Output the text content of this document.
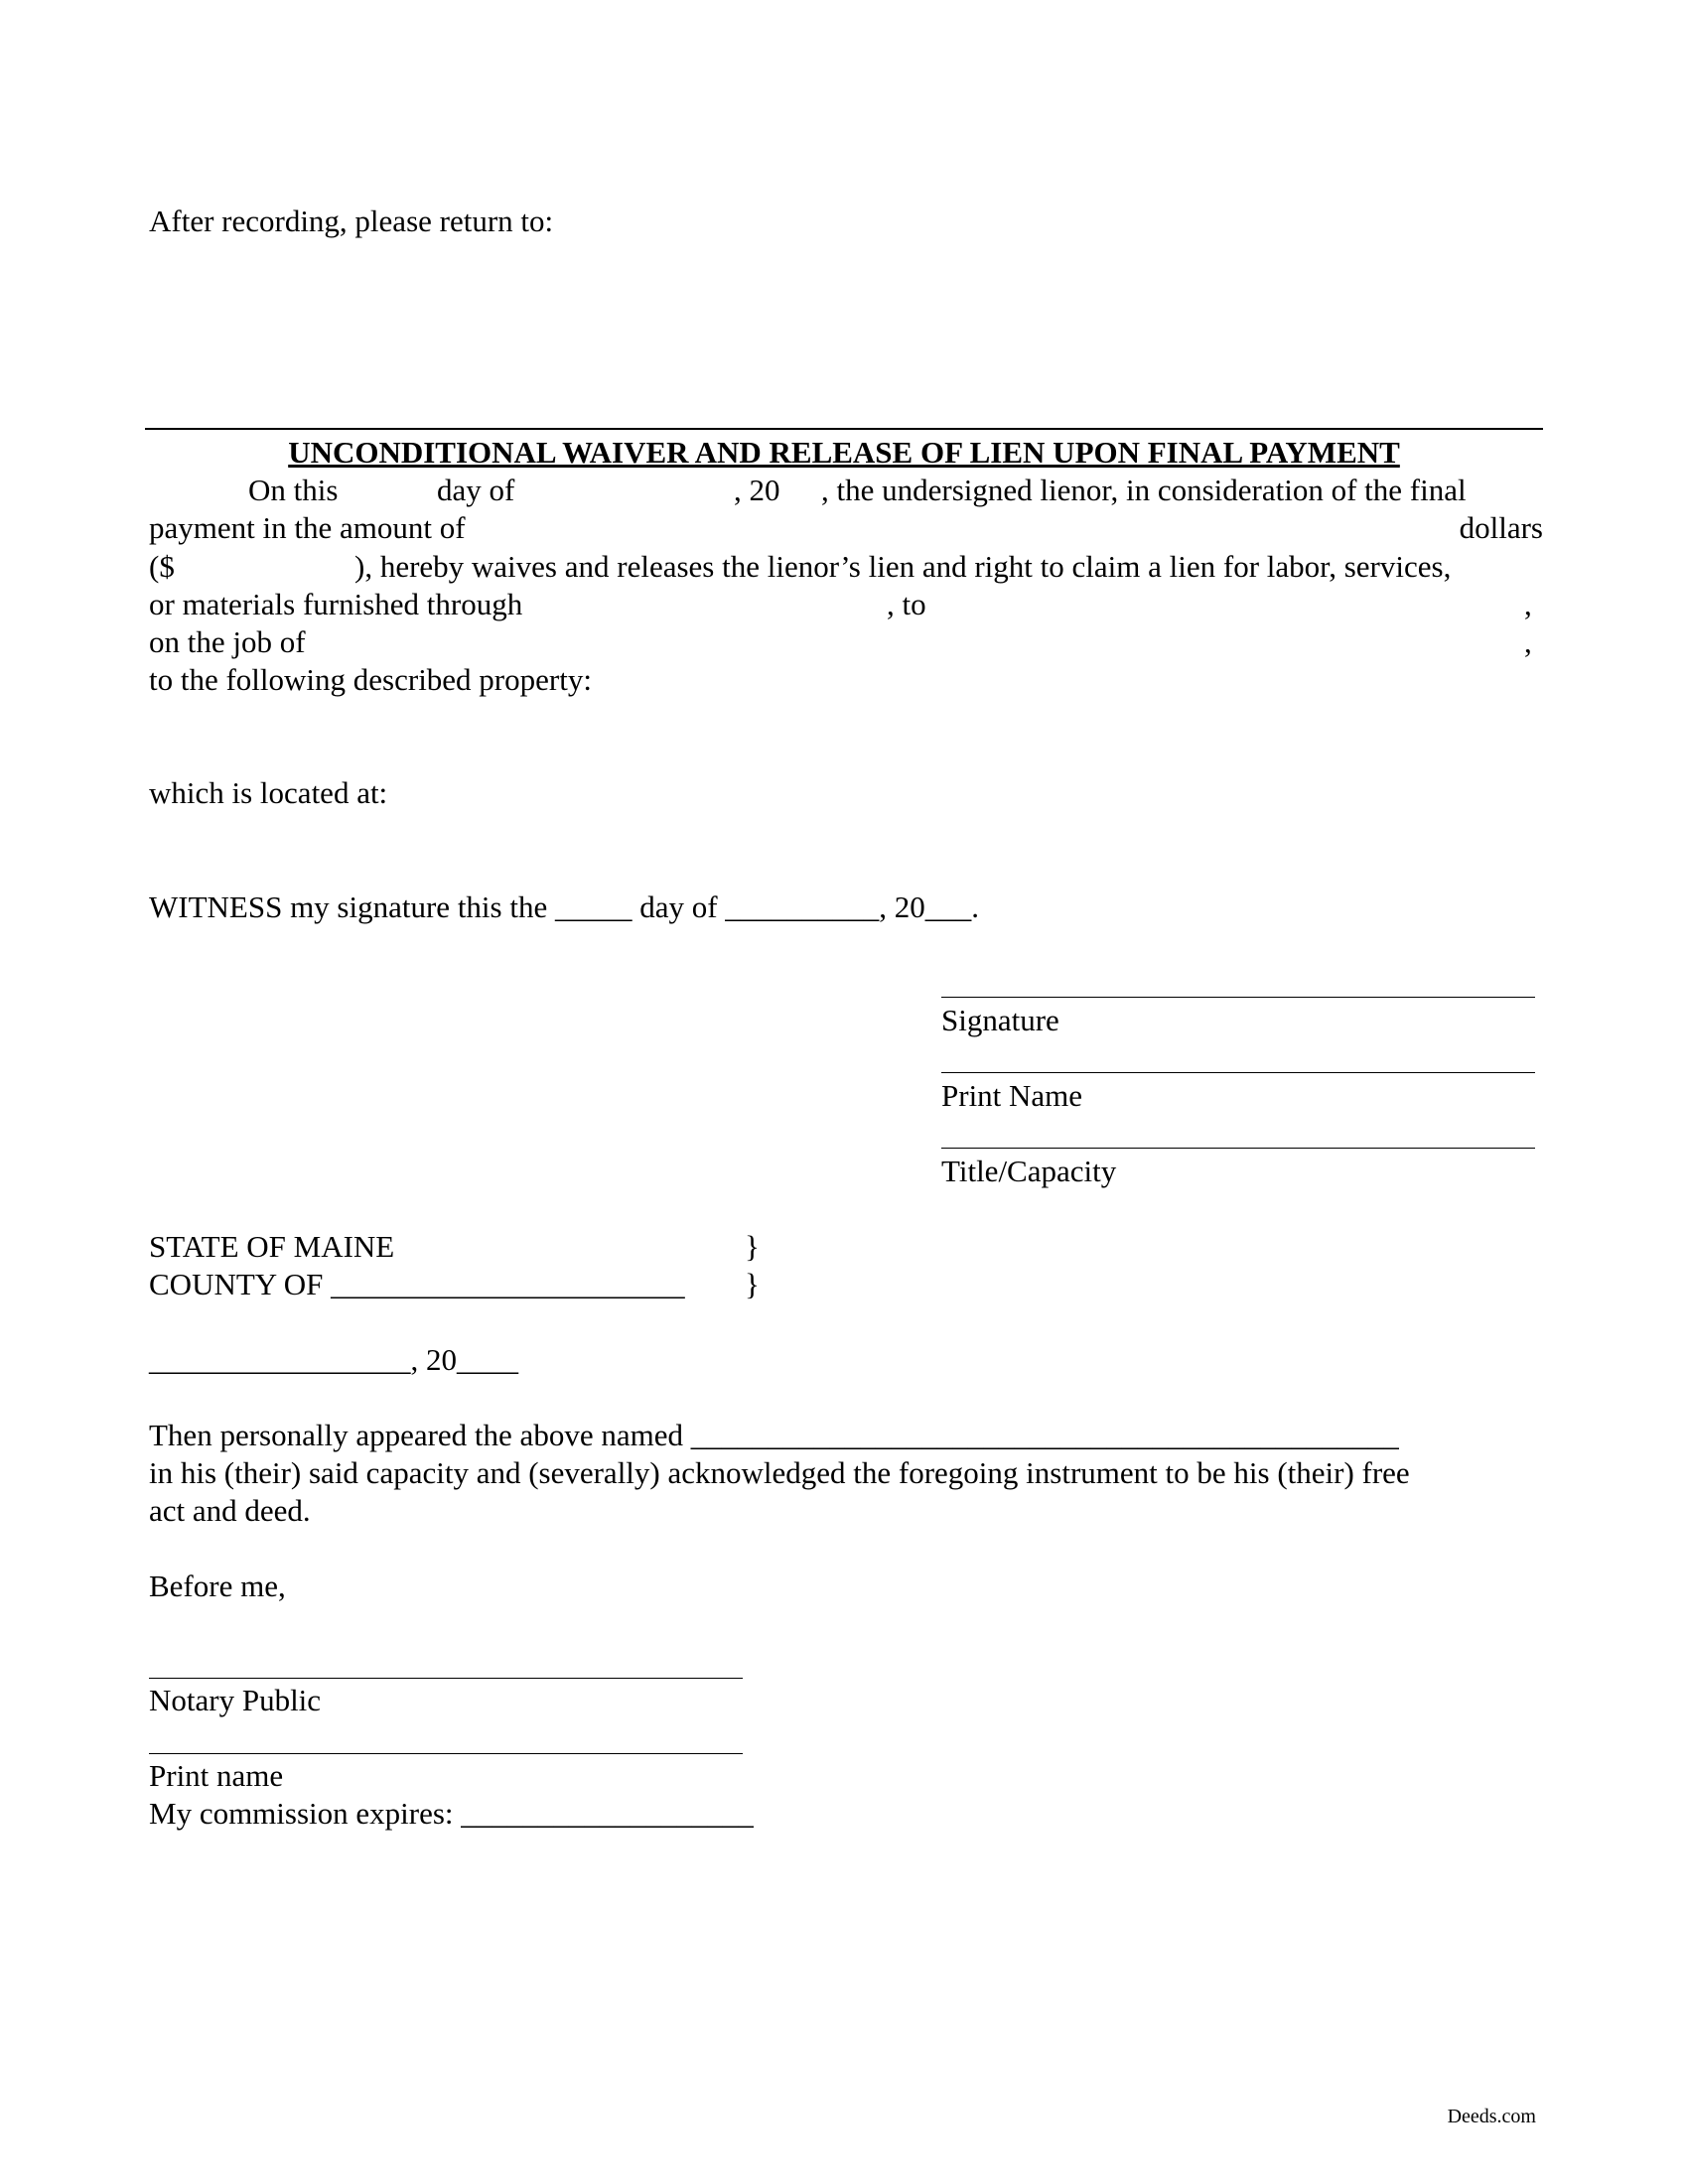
After recording, please return to:
UNCONDITIONAL WAIVER AND RELEASE OF LIEN UPON FINAL PAYMENT
On this	day of	, 20 , the undersigned lienor, in consideration of the final
payment in the amount of	dollars
($	), hereby waives and releases the lienor’s lien and right to claim a lien for labor, services,
or materials furnished through	, to	,
on the job of	,
to the following described property:
which is located at:
WITNESS my signature this the _____ day of __________, 20___.
Signature
Print Name
Title/Capacity
STATE OF MAINE	}
COUNTY OF _______________________ }
_________________, 20____
Then personally appeared the above named ______________________________________________
in his (their) said capacity and (severally) acknowledged the foregoing instrument to be his (their) free
act and deed.
Before me,
Notary Public
Print name
My commission expires: ___________________
Deeds.com
